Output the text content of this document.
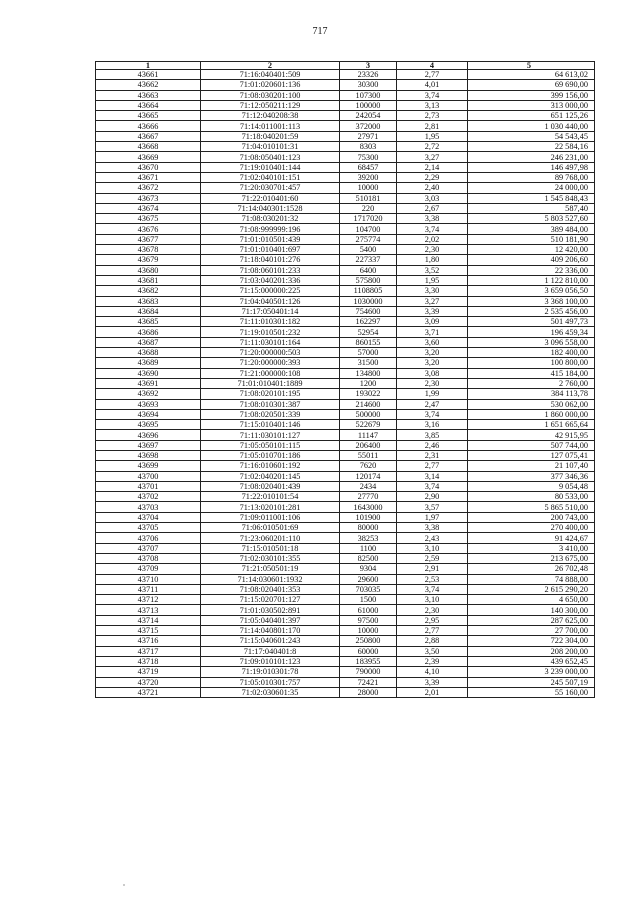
717
1	2	3	4	5
43661	71:16:040401:509	23326	2,77	64 613,02
43662	71:01:020601:136	30300	4,01	69 690,00
43663	71:08:030201:100	107300	3,74	399 156,00
43664	71:12:050211:129	100000	3,13	313 000,00
43665	71:12:040208:38	242054	2,73	651 125,26
43666	71:14:011001:113	372000	2,81	1 030 440,00
43667	71:18:040201:59	27971	1,95	54 543,45
43668	71:04:010101:31	8303	2,72	22 584,16
43669	71:08:050401:123	75300	3,27	246 231,00
43670	71:19:010401:144	68457	2,14	146 497,98
43671	71:02:040101:151	39200	2,29	89 768,00
43672	71:20:030701:457	10000	2,40	24 000,00
43673	71:22:010401:60	510181	3,03	1 545 848,43
43674	71:14:040301:1528	220	2,67	587,40
43675	71:08:030201:32	1717020	3,38	5 803 527,60
43676	71:08:999999:196	104700	3,74	389 484,00
43677	71:01:010501:439	275774	2,02	510 181,90
43678	71:01:010401:697	5400	2,30	12 420,00
43679	71:18:040101:276	227337	1,80	409 206,60
43680	71:08:060101:233	6400	3,52	22 336,00
43681	71:03:040201:336	575800	1,95	1 122 810,00
43682	71:15:000000:225	1108805	3,30	3 659 056,50
43683	71:04:040501:126	1030000	3,27	3 368 100,00
43684	71:17:050401:14	754600	3,39	2 535 456,00
43685	71:11:010301:182	162297	3,09	501 497,73
43686	71:19:010501:232	52954	3,71	196 459,34
43687	71:11:030101:164	860155	3,60	3 096 558,00
43688	71:20:000000:503	57000	3,20	182 400,00
43689	71:20:000000:393	31500	3,20	100 800,00
43690	71:21:000000:108	134800	3,08	415 184,00
43691	71:01:010401:1889	1200	2,30	2 760,00
43692	71:08:020101:195	193022	1,99	384 113,78
43693	71:08:010301:387	214600	2,47	530 062,00
43694	71:08:020501:339	500000	3,74	1 860 000,00
43695	71:15:010401:146	522679	3,16	1 651 665,64
43696	71:11:030101:127	11147	3,85	42 915,95
43697	71:05:050101:115	206400	2,46	507 744,00
43698	71:05:010701:186	55011	2,31	127 075,41
43699	71:16:010601:192	7620	2,77	21 107,40
43700	71:02:040201:145	120174	3,14	377 346,36
43701	71:08:020401:439	2434	3,74	9 054,48
43702	71:22:010101:54	27770	2,90	80 533,00
43703	71:13:020101:281	1643000	3,57	5 865 510,00
43704	71:09:011001:106	101900	1,97	200 743,00
43705	71:06:010501:69	80000	3,38	270 400,00
43706	71:23:060201:110	38253	2,43	91 424,67
43707	71:15:010501:18	1100	3,10	3 410,00
43708	71:02:030101:355	82500	2,59	213 675,00
43709	71:21:050501:19	9304	2,91	26 702,48
43710	71:14:030601:1932	29600	2,53	74 888,00
43711	71:08:020401:353	703035	3,74	2 615 290,20
43712	71:15:020701:127	1500	3,10	4 650,00
43713	71:01:030502:891	61000	2,30	140 300,00
43714	71:05:040401:397	97500	2,95	287 625,00
43715	71:14:040801:170	10000	2,77	27 700,00
43716	71:15:040601:243	250800	2,88	722 304,00
43717	71:17:040401:8	60000	3,50	208 200,00
43718	71:09:010101:123	183955	2,39	439 652,45
43719	71:19:010301:78	790000	4,10	3 239 000,00
43720	71:05:010301:757	72421	3,39	245 507,19
43721	71:02:030601:35	28000	2,01	55 160,00
